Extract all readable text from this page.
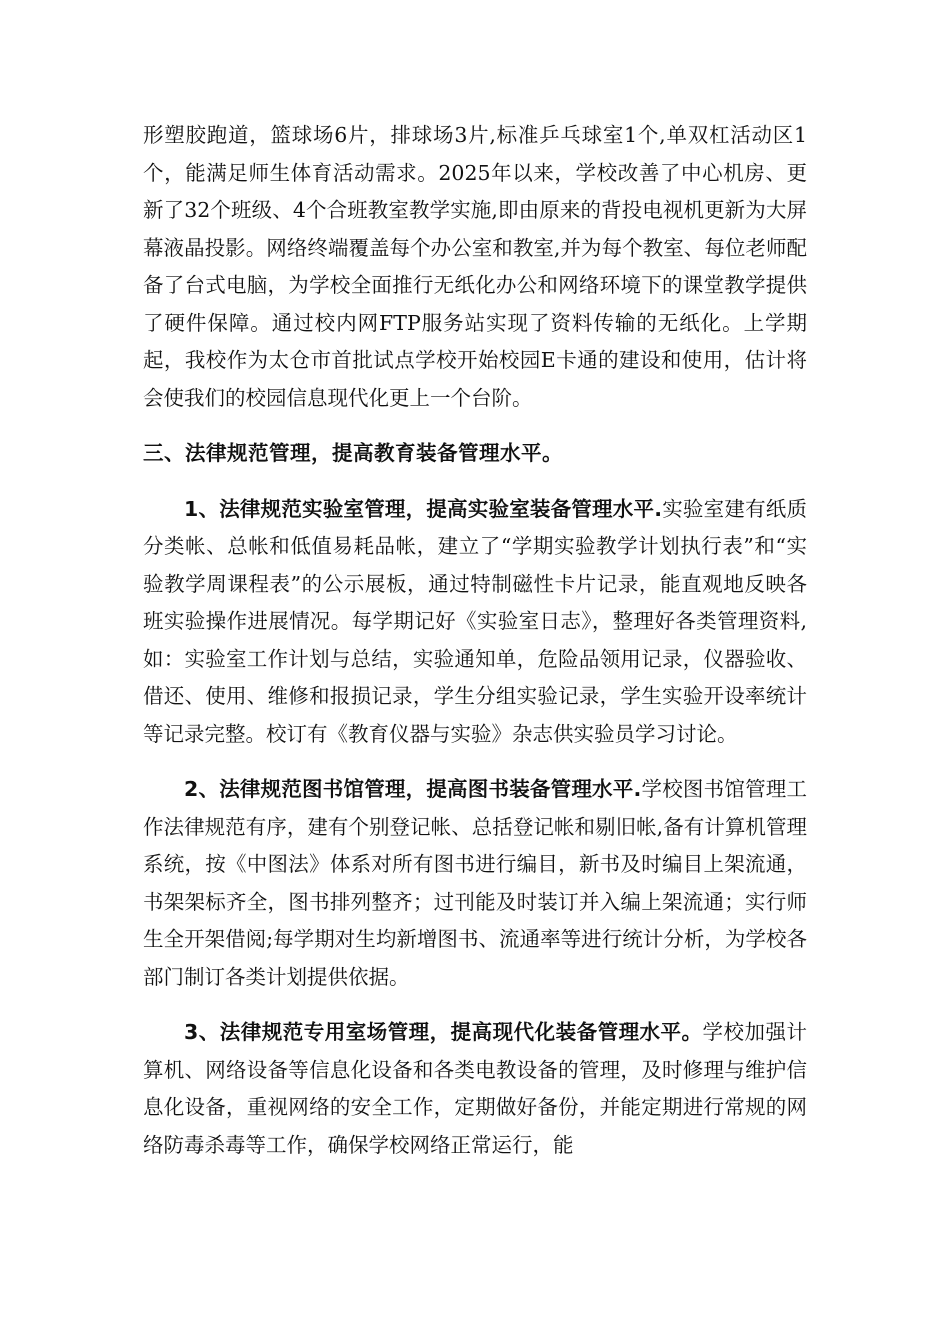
形塑胶跑道，篮球场6片，排球场3片,标准乒乓球室1个,单双杠活动区1个，能满足师生体育活动需求。2025年以来，学校改善了中心机房、更新了32个班级、4个合班教室教学实施,即由原来的背投电视机更新为大屏幕液晶投影。网络终端覆盖每个办公室和教室,并为每个教室、每位老师配备了台式电脑，为学校全面推行无纸化办公和网络环境下的课堂教学提供了硬件保障。通过校内网FTP服务站实现了资料传输的无纸化。上学期起，我校作为太仓市首批试点学校开始校园E卡通的建设和使用，估计将会使我们的校园信息现代化更上一个台阶。

三、法律规范管理，提高教育装备管理水平。

1、法律规范实验室管理，提高实验室装备管理水平.实验室建有纸质分类帐、总帐和低值易耗品帐，建立了“学期实验教学计划执行表”和“实验教学周课程表”的公示展板，通过特制磁性卡片记录，能直观地反映各班实验操作进展情况。每学期记好《实验室日志》，整理好各类管理资料,如：实验室工作计划与总结，实验通知单，危险品领用记录，仪器验收、借还、使用、维修和报损记录，学生分组实验记录，学生实验开设率统计等记录完整。校订有《教育仪器与实验》杂志供实验员学习讨论。

2、法律规范图书馆管理，提高图书装备管理水平.学校图书馆管理工作法律规范有序，建有个别登记帐、总括登记帐和剔旧帐,备有计算机管理系统，按《中图法》体系对所有图书进行编目，新书及时编目上架流通，书架架标齐全，图书排列整齐；过刊能及时装订并入编上架流通；实行师生全开架借阅;每学期对生均新增图书、流通率等进行统计分析，为学校各部门制订各类计划提供依据。

3、法律规范专用室场管理，提高现代化装备管理水平。学校加强计算机、网络设备等信息化设备和各类电教设备的管理，及时修理与维护信息化设备，重视网络的安全工作，定期做好备份，并能定期进行常规的网络防毒杀毒等工作，确保学校网络正常运行，能
